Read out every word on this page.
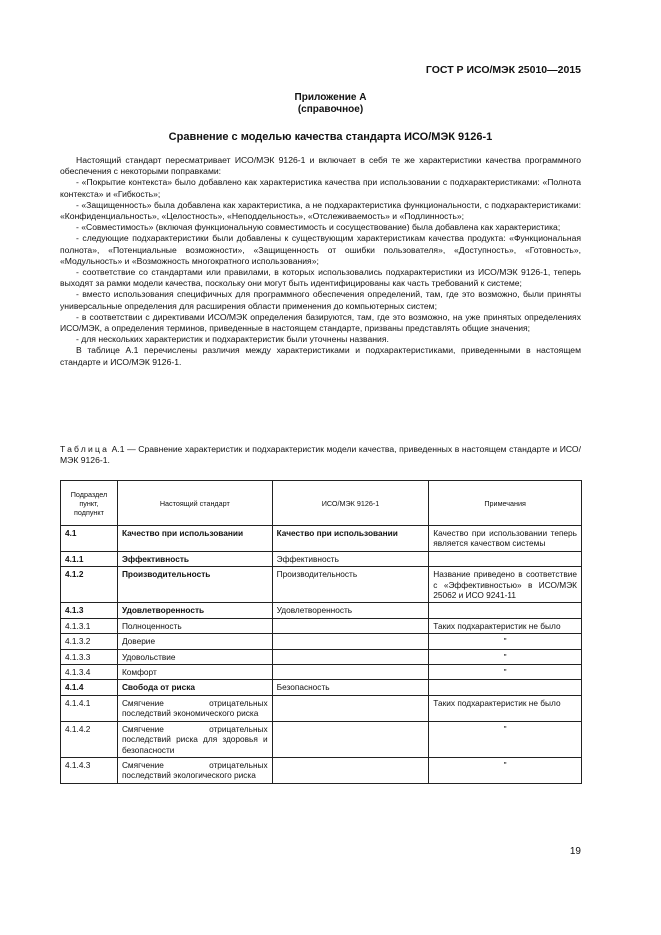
ГОСТ Р ИСО/МЭК 25010—2015
Приложение А
(справочное)
Сравнение с моделью качества стандарта ИСО/МЭК 9126-1

Настоящий стандарт пересматривает ИСО/МЭК 9126-1 и включает в себя те же характеристики качества программного обеспечения с некоторыми поправками:

- «Покрытие контекста» было добавлено как характеристика качества при использовании с подхарактеристиками: «Полнота контекста» и «Гибкость»;

- «Защищенность» была добавлена как характеристика, а не подхарактеристика функциональности, с подхарактеристиками: «Конфиденциальность», «Целостность», «Неподдельность», «Отслеживаемость» и «Подлинность»;

- «Совместимость» (включая функциональную совместимость и сосуществование) была добавлена как характеристика;

- следующие подхарактеристики были добавлены к существующим характеристикам качества продукта: «Функциональная полнота», «Потенциальные возможности», «Защищенность от ошибки пользователя», «Доступность», «Готовность», «Модульность» и «Возможность многократного использования»;

- соответствие со стандартами или правилами, в которых использовались подхарактеристики из ИСО/МЭК 9126-1, теперь выходят за рамки модели качества, поскольку они могут быть идентифицированы как часть требований к системе;

- вместо использования специфичных для программного обеспечения определений, там, где это возможно, были приняты универсальные определения для расширения области применения до компьютерных систем;

- в соответствии с директивами ИСО/МЭК определения базируются, там, где это возможно, на уже принятых определениях ИСО/МЭК, а определения терминов, приведенные в настоящем стандарте, призваны представлять общие значения;

- для нескольких характеристик и подхарактеристик были уточнены названия.

В таблице А.1 перечислены различия между характеристиками и подхарактеристиками, приведенными в настоящем стандарте и ИСО/МЭК 9126-1.

Таблица А.1 — Сравнение характеристик и подхарактеристик модели качества, приведенных в настоящем стандарте и ИСО/МЭК 9126-1.
Подраздел пункт, подпункт	Настоящий стандарт	ИСО/МЭК 9126-1	Примечания
4.1	Качество при использовании	Качество при использовании	Качество при использовании теперь является качеством системы
4.1.1	Эффективность	Эффективность	
4.1.2	Производительность	Производительность	Название приведено в соответствие с «Эффективностью» в ИСО/МЭК 25062 и ИСО 9241-11
4.1.3	Удовлетворенность	Удовлетворенность	
4.1.3.1	Полноценность		Таких подхарактеристик не было
4.1.3.2	Доверие		"
4.1.3.3	Удовольствие		"
4.1.3.4	Комфорт		"
4.1.4	Свобода от риска	Безопасность	
4.1.4.1	Смягчение отрицательных последствий экономического риска		Таких подхарактеристик не было
4.1.4.2	Смягчение отрицательных последствий риска для здоровья и безопасности		"
4.1.4.3	Смягчение отрицательных последствий экологического риска		"
19
